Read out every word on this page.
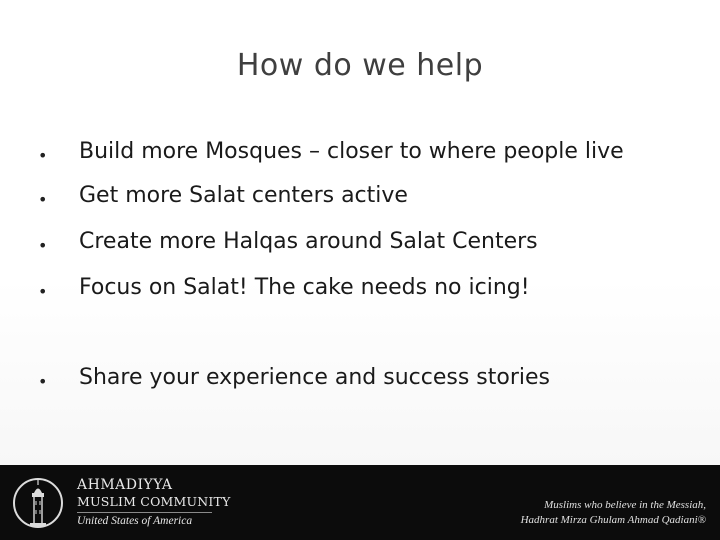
How do we help
• Build more Mosques – closer to where people live
• Get more Salat centers active
• Create more Halqas around Salat Centers
• Focus on Salat! The cake needs no icing!
• Share your experience and success stories
AHMADIYYA
MUSLIM COMMUNITY
United States of America
Muslims who believe in the Messiah,
Hadhrat Mirza Ghulam Ahmad Qadiani®
